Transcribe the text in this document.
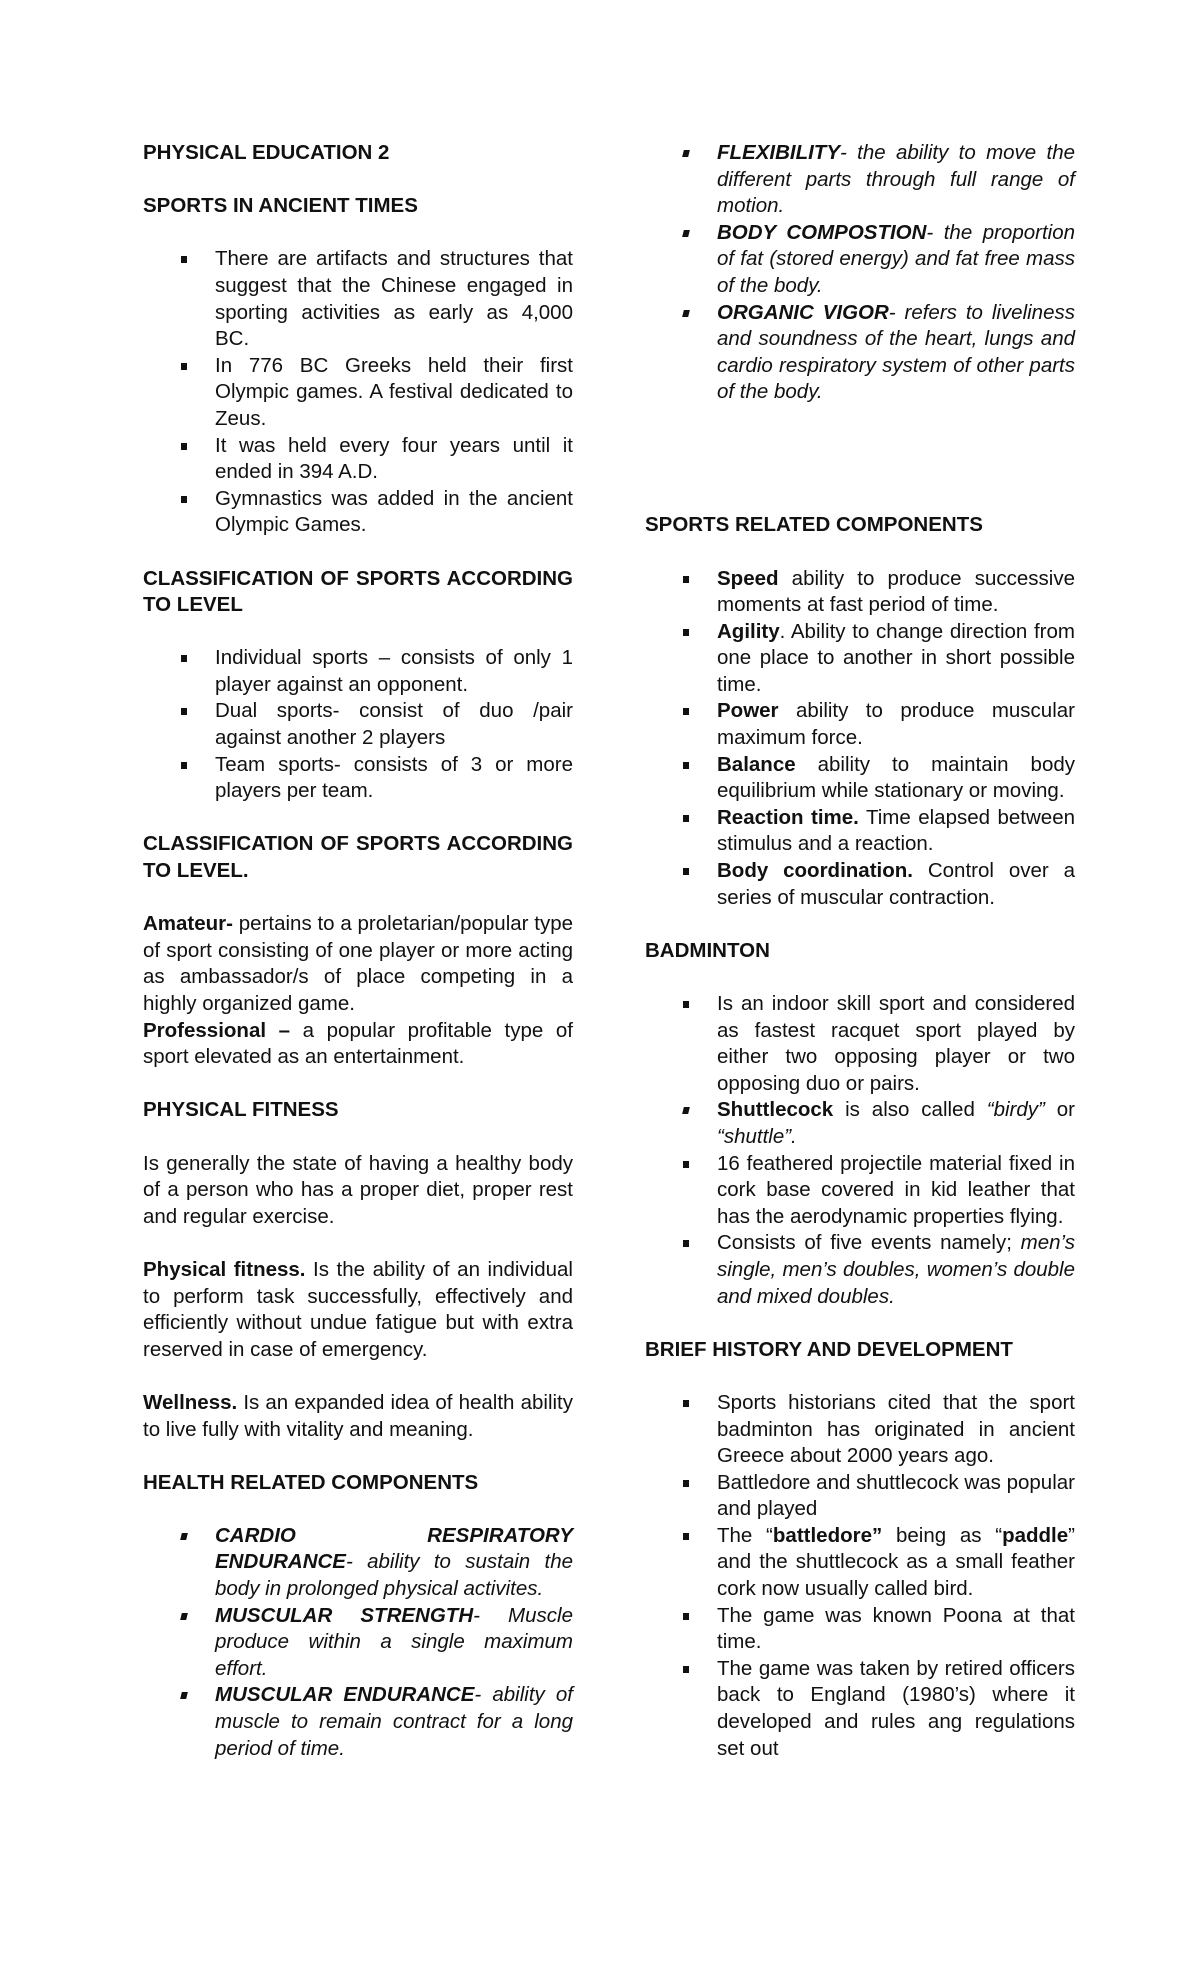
PHYSICAL EDUCATION 2
SPORTS IN ANCIENT TIMES
There are artifacts and structures that suggest that the Chinese engaged in sporting activities as early as 4,000 BC.
In 776 BC Greeks held their first Olympic games. A festival dedicated to Zeus.
It was held every four years until it ended in 394 A.D.
Gymnastics was added in the ancient Olympic Games.
CLASSIFICATION OF SPORTS ACCORDING TO LEVEL
Individual sports – consists of only 1 player against an opponent.
Dual sports- consist of duo /pair against another 2 players
Team sports- consists of 3 or more players per team.
CLASSIFICATION OF SPORTS ACCORDING TO LEVEL.

Amateur- pertains to a proletarian/popular type of sport consisting of one player or more acting as ambassador/s of place competing in a highly organized game.

Professional – a popular profitable type of sport elevated as an entertainment.

PHYSICAL FITNESS

Is generally the state of having a healthy body of a person who has a proper diet, proper rest and regular exercise.

Physical fitness. Is the ability of an individual to perform task successfully, effectively and efficiently without undue fatigue but with extra reserved in case of emergency.

Wellness. Is an expanded idea of health ability to live fully with vitality and meaning.

HEALTH RELATED COMPONENTS
CARDIO RESPIRATORY ENDURANCE- ability to sustain the body in prolonged physical activites.
MUSCULAR STRENGTH- Muscle produce within a single maximum effort.
MUSCULAR ENDURANCE- ability of muscle to remain contract for a long period of time.
FLEXIBILITY- the ability to move the different parts through full range of motion.
BODY COMPOSTION- the proportion of fat (stored energy) and fat free mass of the body.
ORGANIC VIGOR- refers to liveliness and soundness of the heart, lungs and cardio respiratory system of other parts of the body.
SPORTS RELATED COMPONENTS
Speed ability to produce successive moments at fast period of time.
Agility. Ability to change direction from one place to another in short possible time.
Power ability to produce muscular maximum force.
Balance ability to maintain body equilibrium while stationary or moving.
Reaction time. Time elapsed between stimulus and a reaction.
Body coordination. Control over a series of muscular contraction.
BADMINTON
Is an indoor skill sport and considered as fastest racquet sport played by either two opposing player or two opposing duo or pairs.
Shuttlecock is also called “birdy” or “shuttle”.
16 feathered projectile material fixed in cork base covered in kid leather that has the aerodynamic properties flying.
Consists of five events namely; men’s single, men’s doubles, women’s double and mixed doubles.
BRIEF HISTORY AND DEVELOPMENT
Sports historians cited that the sport badminton has originated in ancient Greece about 2000 years ago.
Battledore and shuttlecock was popular and played
The “battledore” being as “paddle” and the shuttlecock as a small feather cork now usually called bird.
The game was known Poona at that time.
The game was taken by retired officers back to England (1980’s) where it developed and rules ang regulations set out
